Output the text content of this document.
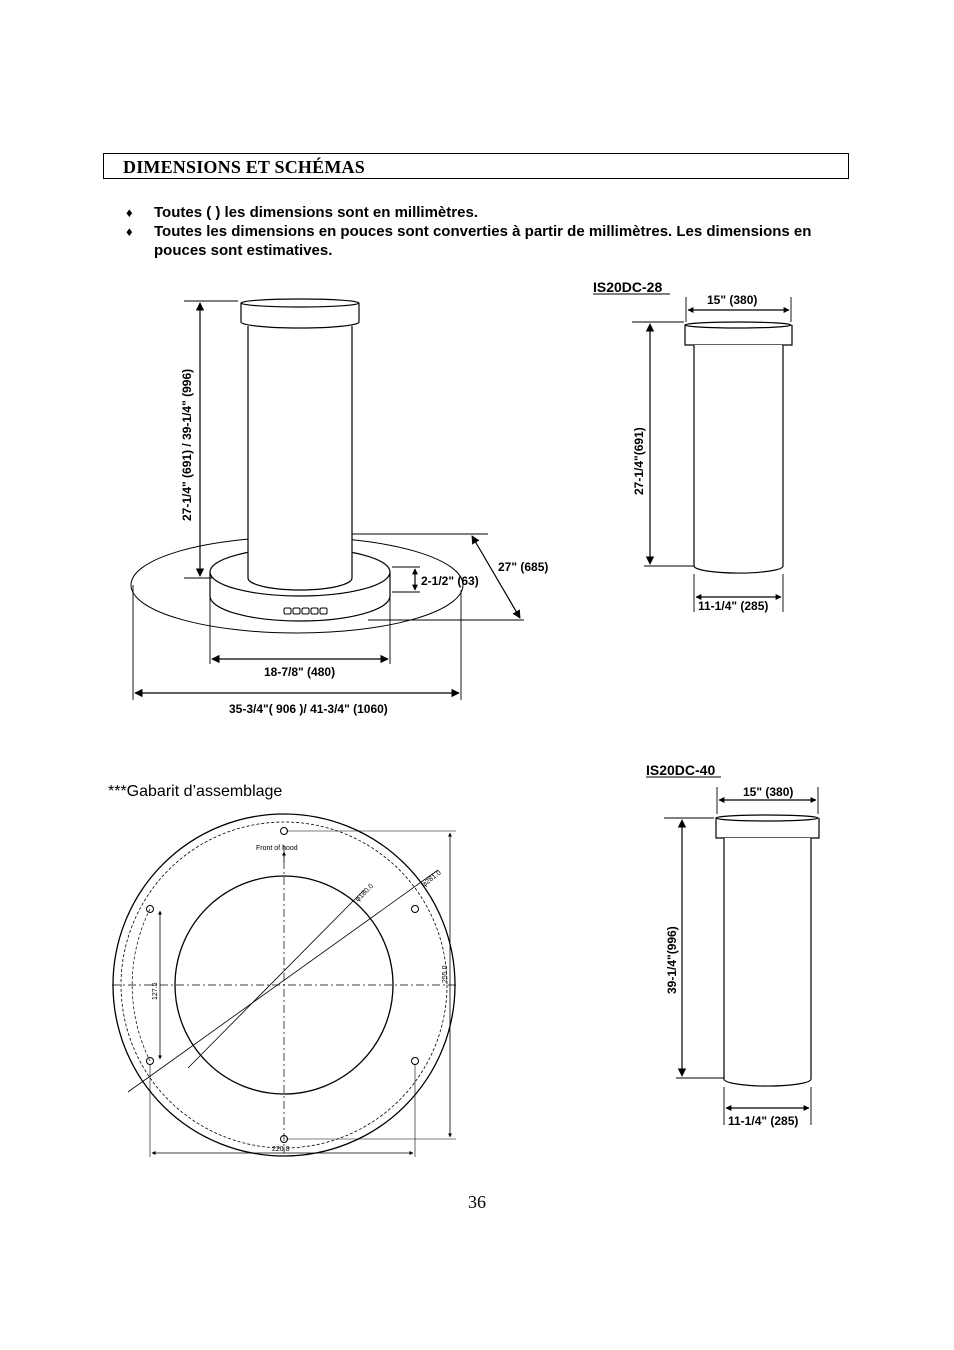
DIMENSIONS ET SCHÉMAS
♦ Toutes ( ) les dimensions sont en millimètres.
♦ Toutes les dimensions en pouces sont converties à partir de millimètres. Les dimensions en pouces sont estimatives.
27-1/4" (691) / 39-1/4" (996)
27" (685)
2-1/2" (63)
18-7/8" (480)
35-3/4"( 906 )/ 41-3/4" (1060)
IS20DC-28
15" (380)
27-1/4"(691)
11-1/4" (285)
IS20DC-40
15" (380)
39-1/4"(996)
11-1/4" (285)
Front of hood
φ180.0
φ281.0
127.5
255.0
220.8
***Gabarit d’assemblage
36
